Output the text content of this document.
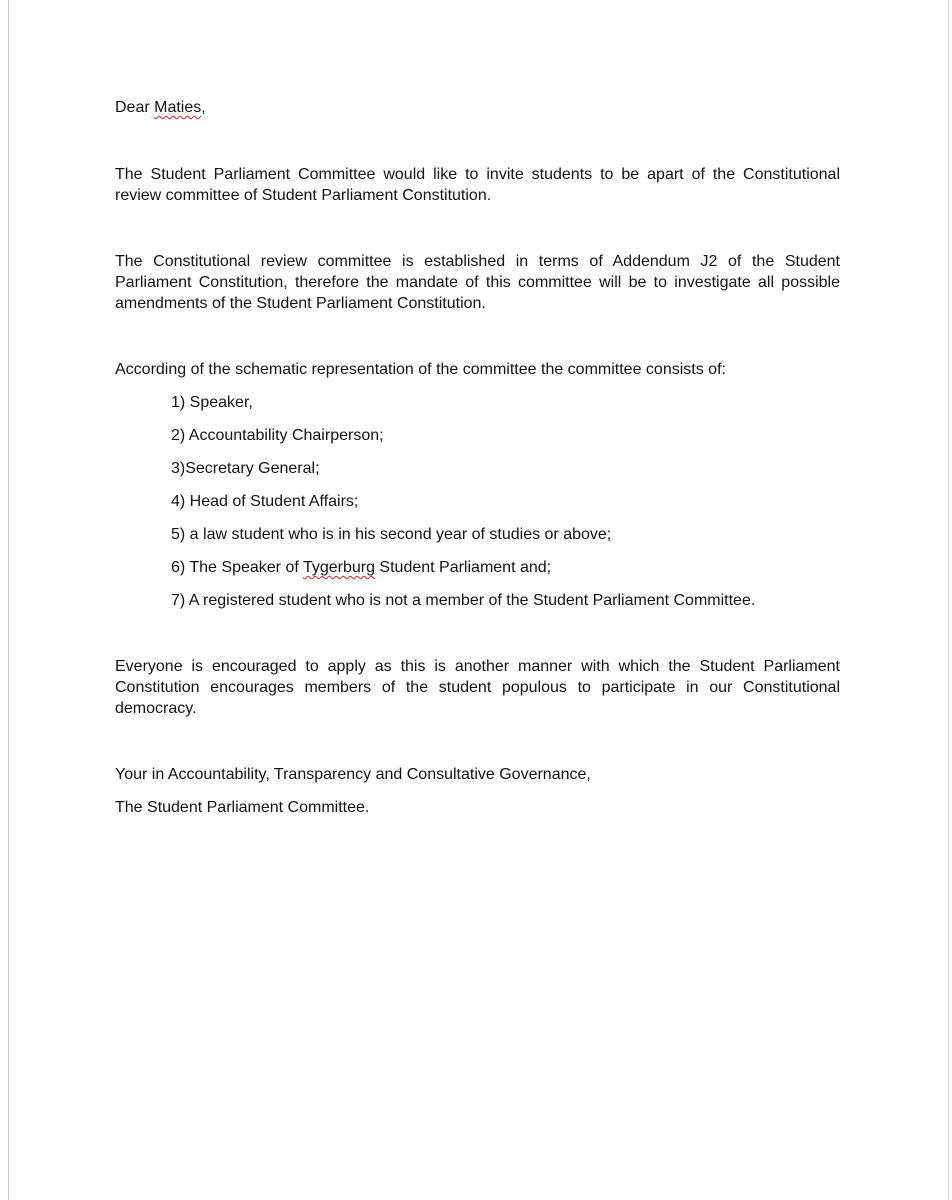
Dear Maties,

The Student Parliament Committee would like to invite students to be apart of the Constitutional review committee of Student Parliament Constitution.

The Constitutional review committee is established in terms of Addendum J2 of the Student Parliament Constitution, therefore the mandate of this committee will be to investigate all possible amendments of the Student Parliament Constitution.

According of the schematic representation of the committee the committee consists of:

1) Speaker,
2) Accountability Chairperson;
3)Secretary General;
4) Head of Student Affairs;
5) a law student who is in his second year of studies or above;
6) The Speaker of Tygerburg Student Parliament and;
7) A registered student who is not a member of the Student Parliament Committee.

Everyone is encouraged to apply as this is another manner with which the Student Parliament Constitution encourages members of the student populous to participate in our Constitutional democracy.

Your in Accountability, Transparency and Consultative Governance,

The Student Parliament Committee.
